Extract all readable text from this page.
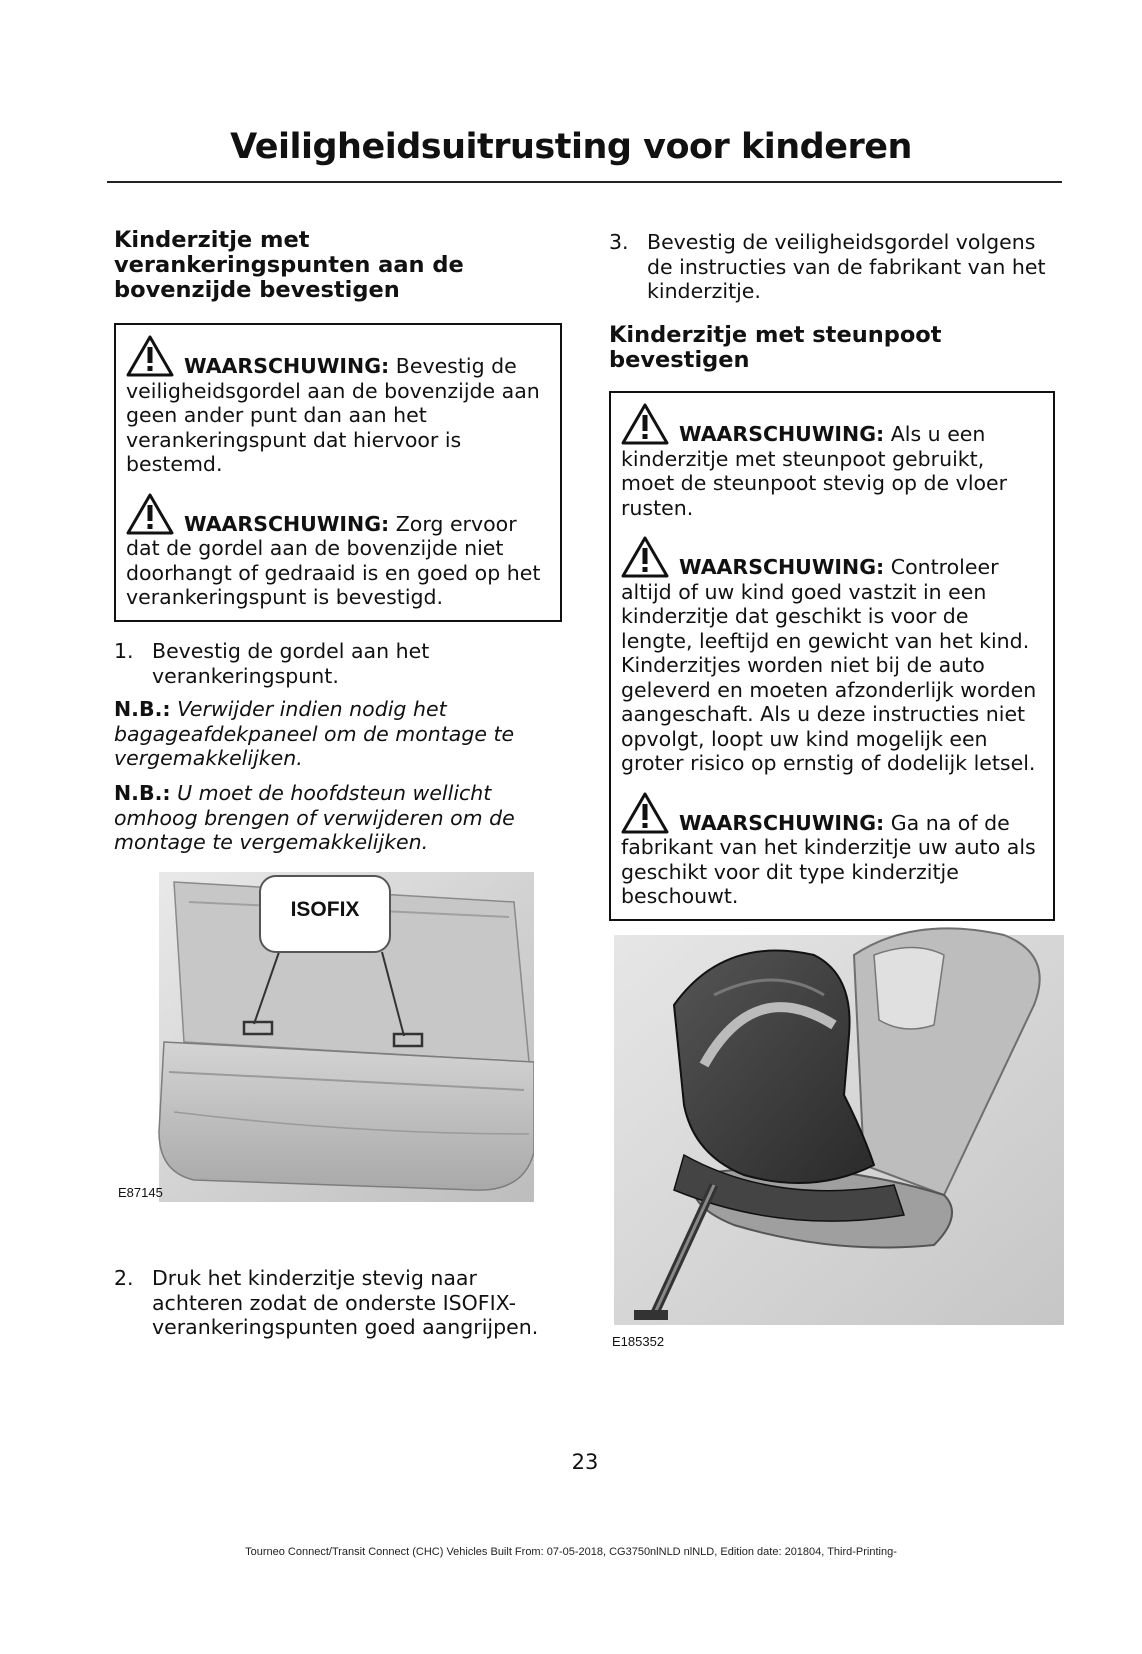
Veiligheidsuitrusting voor kinderen
Kinderzitje met verankeringspunten aan de bovenzijde bevestigen

WAARSCHUWING: Bevestig de veiligheidsgordel aan de bovenzijde aan geen ander punt dan aan het verankeringspunt dat hiervoor is bestemd.

WAARSCHUWING: Zorg ervoor dat de gordel aan de bovenzijde niet doorhangt of gedraaid is en goed op het verankeringspunt is bevestigd.

1. Bevestig de gordel aan het verankeringspunt.
N.B.: Verwijder indien nodig het bagageafdekpaneel om de montage te vergemakkelijken.
N.B.: U moet de hoofdsteun wellicht omhoog brengen of verwijderen om de montage te vergemakkelijken.
ISOFIX
E87145
2. Druk het kinderzitje stevig naar achteren zodat de onderste ISOFIX-verankeringspunten goed aangrijpen.
3. Bevestig de veiligheidsgordel volgens de instructies van de fabrikant van het kinderzitje.
Kinderzitje met steunpoot bevestigen

WAARSCHUWING: Als u een kinderzitje met steunpoot gebruikt, moet de steunpoot stevig op de vloer rusten.

WAARSCHUWING: Controleer altijd of uw kind goed vastzit in een kinderzitje dat geschikt is voor de lengte, leeftijd en gewicht van het kind. Kinderzitjes worden niet bij de auto geleverd en moeten afzonderlijk worden aangeschaft. Als u deze instructies niet opvolgt, loopt uw kind mogelijk een groter risico op ernstig of dodelijk letsel.

WAARSCHUWING: Ga na of de fabrikant van het kinderzitje uw auto als geschikt voor dit type kinderzitje beschouwt.

E185352
23
Tourneo Connect/Transit Connect (CHC) Vehicles Built From: 07-05-2018, CG3750nlNLD nlNLD, Edition date: 201804, Third-Printing-
